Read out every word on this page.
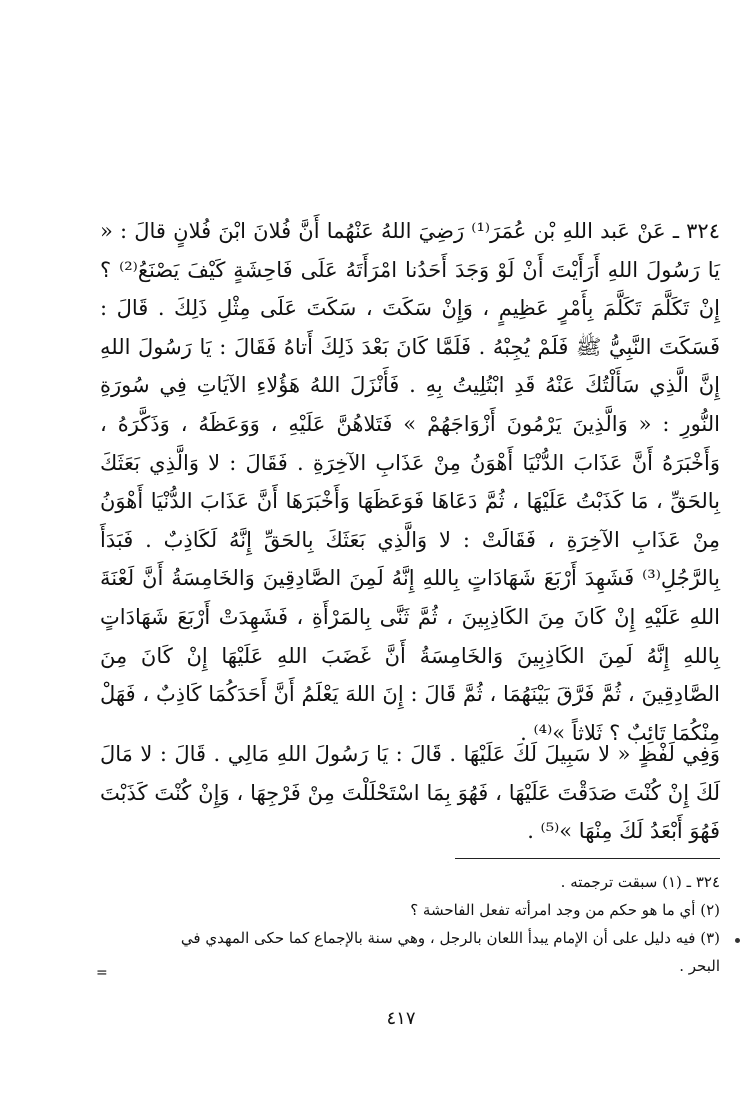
٣٢٤ ـ عَنْ عَبد اللهِ بْن عُمَرَ⁽¹⁾ رَضِيَ اللهُ عَنْهُما أَنَّ فُلانَ ابْنَ فُلانٍ قالَ : « يَا رَسُولَ اللهِ أَرَأَيْتَ أَنْ لَوْ وَجَدَ أَحَدُنا امْرَأَتَهُ عَلَى فَاحِشَةٍ كَيْفَ يَصْنَعُ⁽²⁾ ؟ إِنْ تَكَلَّمَ تَكَلَّمَ بِأَمْرٍ عَظِيمٍ ، وَإِنْ سَكَتَ ، سَكَتَ عَلَى مِثْلِ ذَلِكَ . قَالَ : فَسَكَتَ النَّبِيُّ ﷺ فَلَمْ يُجِبْهُ . فَلَمَّا كَانَ بَعْدَ ذَلِكَ أَتاهُ فَقَالَ : يَا رَسُولَ اللهِ إِنَّ الَّذِي سَأَلْتُكَ عَنْهُ قَدِ ابْتُلِيتُ بِهِ . فَأَنْزَلَ اللهُ هَؤُلاءِ الآيَاتِ فِي سُورَةِ النُّورِ : « وَالَّذِينَ يَرْمُونَ أَزْوَاجَهُمْ » فَتَلاهُنَّ عَلَيْهِ ، وَوَعَظَهُ ، وَذَكَّرَهُ ، وَأَخْبَرَهُ أَنَّ عَذَابَ الدُّنْيَا أَهْوَنُ مِنْ عَذَابِ الآخِرَةِ . فَقَالَ : لا وَالَّذِي بَعَثَكَ بِالحَقِّ ، مَا كَذَبْتُ عَلَيْهَا ، ثُمَّ دَعَاهَا فَوَعَظَهَا وَأَخْبَرَهَا أَنَّ عَذَابَ الدُّنْيَا أَهْوَنُ مِنْ عَذَابِ الآخِرَةِ ، فَقَالَتْ : لا وَالَّذِي بَعَثَكَ بِالحَقِّ إِنَّهُ لَكَاذِبٌ . فَبَدَأَ بِالرَّجُلِ⁽³⁾ فَشَهِدَ أَرْبَعَ شَهَادَاتٍ بِاللهِ إِنَّهُ لَمِنَ الصَّادِقِينَ وَالخَامِسَةُ أَنَّ لَعْنَةَ اللهِ عَلَيْهِ إِنْ كَانَ مِنَ الكَاذِبِينَ ، ثُمَّ ثَنَّى بِالمَرْأَةِ ، فَشَهِدَتْ أَرْبَعَ شَهَادَاتٍ بِاللهِ إِنَّهُ لَمِنَ الكَاذِبِينَ وَالخَامِسَةُ أَنَّ غَضَبَ اللهِ عَلَيْهَا إِنْ كَانَ مِنَ الصَّادِقِينَ ، ثُمَّ فَرَّقَ بَيْنَهُمَا ، ثُمَّ قَالَ : إِنَ اللهَ يَعْلَمُ أَنَّ أَحَدَكُمَا كَاذِبٌ ، فَهَلْ مِنْكُمَا تَائِبٌ ؟ ثَلاثاً »⁽⁴⁾ .

وَفِي لَفْظٍ « لا سَبِيلَ لَكَ عَلَيْهَا . قَالَ : يَا رَسُولَ اللهِ مَالِي . قَالَ : لا مَالَ لَكَ إِنْ كُنْتَ صَدَقْتَ عَلَيْهَا ، فَهُوَ بِمَا اسْتَحْلَلْتَ مِنْ فَرْجِهَا ، وَإِنْ كُنْتَ كَذَبْتَ فَهُوَ أَبْعَدُ لَكَ مِنْهَا »⁽⁵⁾ .

٣٢٤ ـ (١) سبقت ترجمته .

(٢) أي ما هو حكم من وجد امرأته تفعل الفاحشة ؟

(٣) فيه دليل على أن الإمام يبدأ اللعان بالرجل ، وهي سنة بالإجماع كما حكى المهدي في البحر .

٤١٧
=
